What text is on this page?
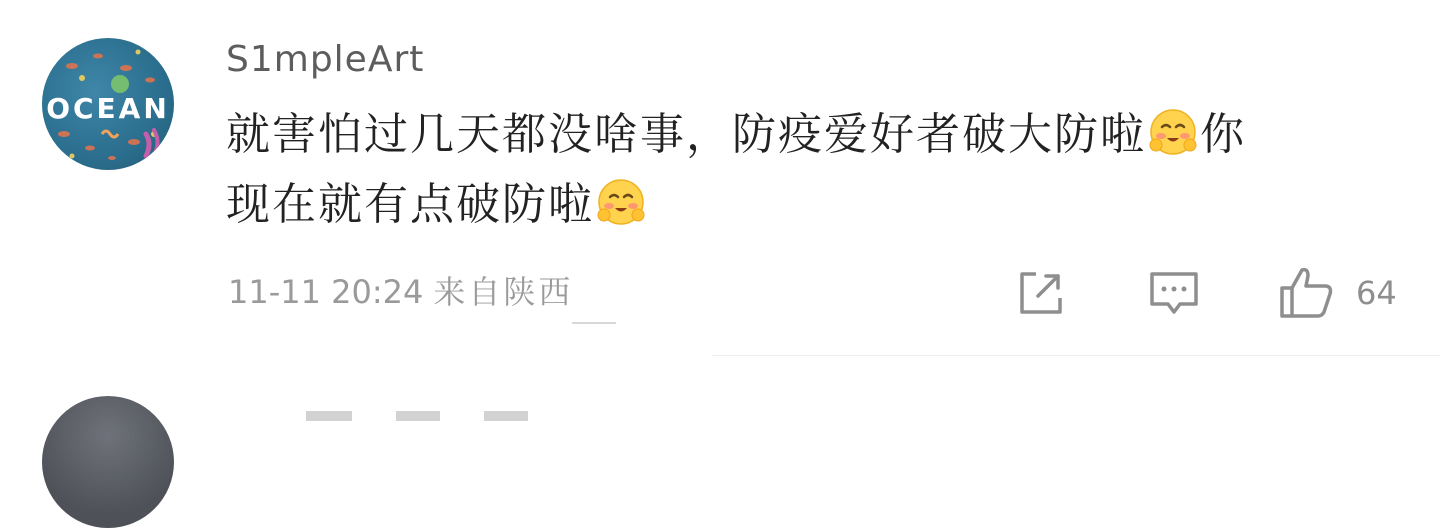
OCEAN
S1mpleArt
就害怕过几天都没啥事，防疫爱好者破大防啦 你
现在就有点破防啦
11-11 20:24 来自陕西	64
